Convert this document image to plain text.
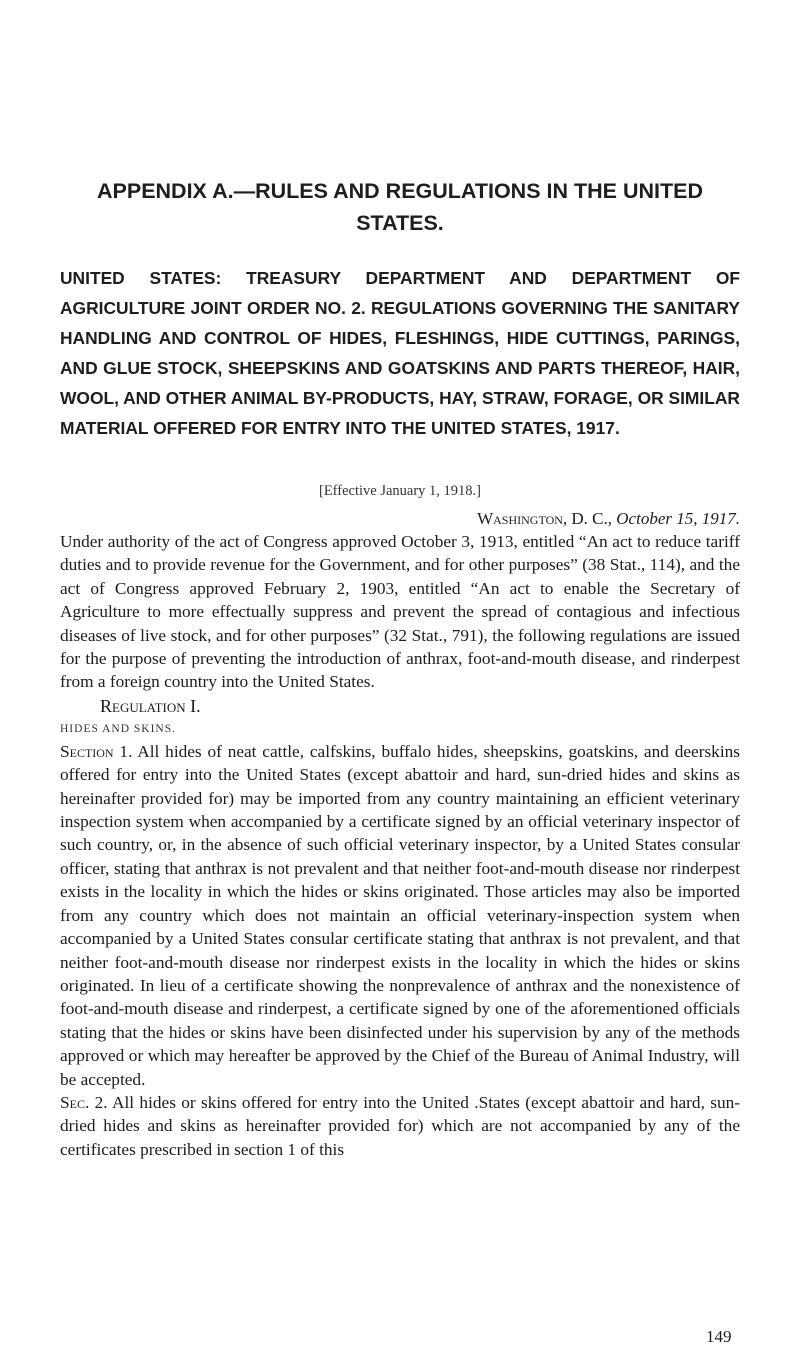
APPENDIX A.—RULES AND REGULATIONS IN THE UNITED STATES.
UNITED STATES: TREASURY DEPARTMENT AND DEPARTMENT OF AGRICULTURE JOINT ORDER NO. 2. REGULATIONS GOVERNING THE SANITARY HANDLING AND CONTROL OF HIDES, FLESHINGS, HIDE CUTTINGS, PARINGS, AND GLUE STOCK, SHEEPSKINS AND GOATSKINS AND PARTS THEREOF, HAIR, WOOL, AND OTHER ANIMAL BY-PRODUCTS, HAY, STRAW, FORAGE, OR SIMILAR MATERIAL OFFERED FOR ENTRY INTO THE UNITED STATES, 1917.

[Effective January 1, 1918.]

Washington, D. C., October 15, 1917.

Under authority of the act of Congress approved October 3, 1913, entitled “An act to reduce tariff duties and to provide revenue for the Government, and for other purposes” (38 Stat., 114), and the act of Congress approved February 2, 1903, entitled “An act to enable the Secretary of Agriculture to more effectually suppress and prevent the spread of contagious and infectious diseases of live stock, and for other purposes” (32 Stat., 791), the following regulations are issued for the purpose of preventing the introduction of anthrax, foot-and-mouth disease, and rinderpest from a foreign country into the United States.

Regulation I.

HIDES AND SKINS.

Section 1. All hides of neat cattle, calfskins, buffalo hides, sheepskins, goatskins, and deerskins offered for entry into the United States (except abattoir and hard, sun-dried hides and skins as hereinafter provided for) may be imported from any country maintaining an efficient veterinary inspection system when accompanied by a certificate signed by an official veterinary inspector of such country, or, in the absence of such official veterinary inspector, by a United States consular officer, stating that anthrax is not prevalent and that neither foot-and-mouth disease nor rinderpest exists in the locality in which the hides or skins originated. Those articles may also be imported from any country which does not maintain an official veterinary-inspection system when accompanied by a United States consular certificate stating that anthrax is not prevalent, and that neither foot-and-mouth disease nor rinderpest exists in the locality in which the hides or skins originated. In lieu of a certificate showing the nonprevalence of anthrax and the nonexistence of foot-and-mouth disease and rinderpest, a certificate signed by one of the aforementioned officials stating that the hides or skins have been disinfected under his supervision by any of the methods approved or which may hereafter be approved by the Chief of the Bureau of Animal Industry, will be accepted.

Sec. 2. All hides or skins offered for entry into the United .States (except abattoir and hard, sun-dried hides and skins as hereinafter provided for) which are not accompanied by any of the certificates prescribed in section 1 of this

149
